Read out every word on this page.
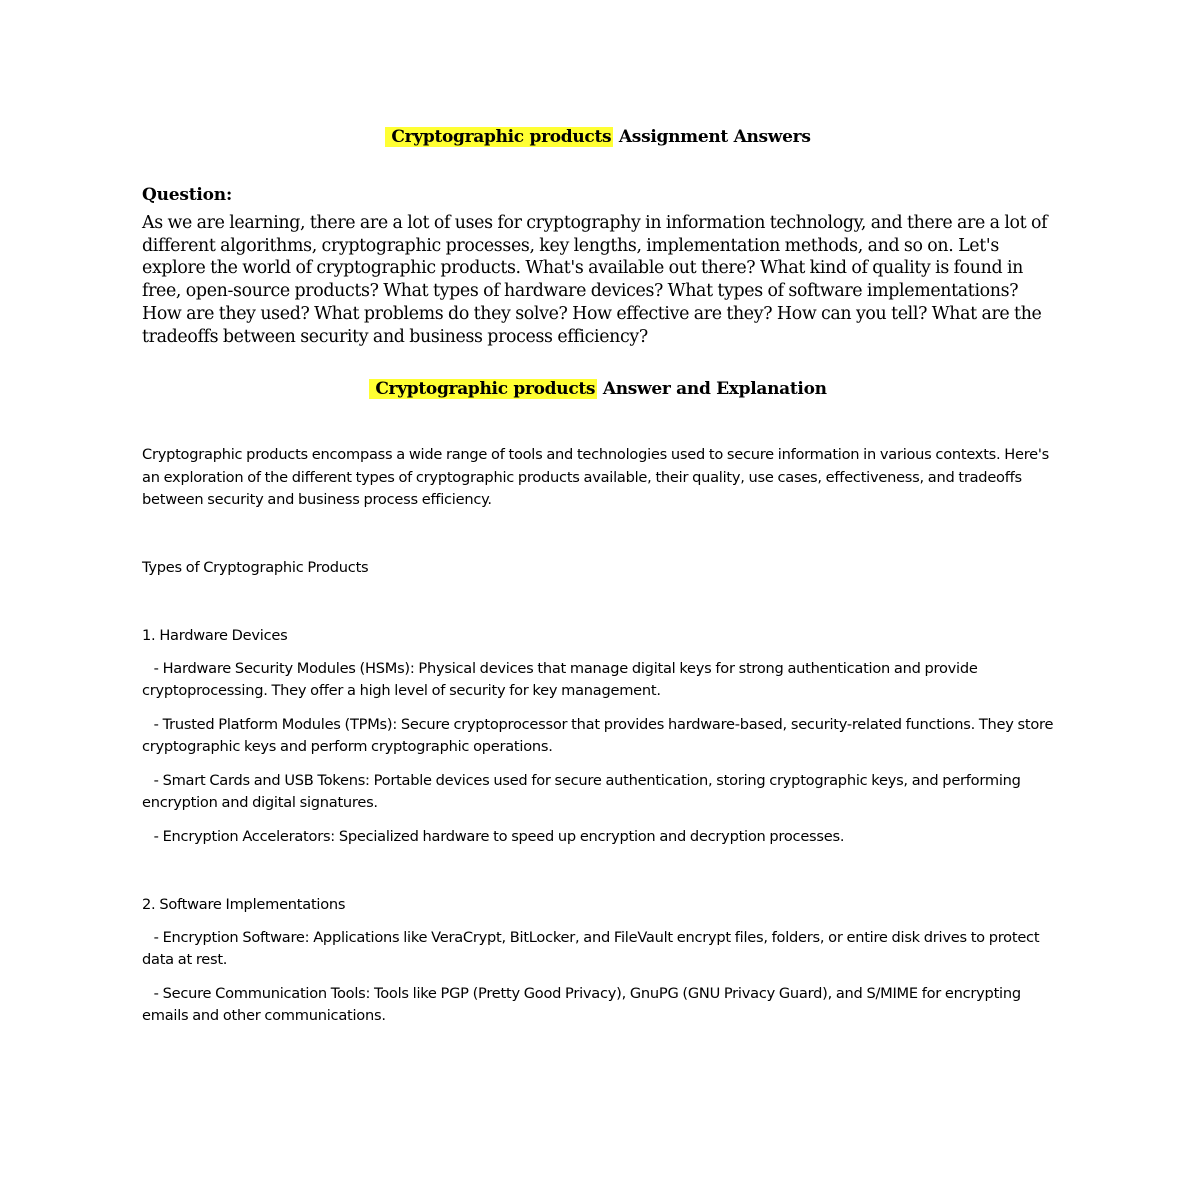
Cryptographic products Assignment Answers

Question:

As we are learning, there are a lot of uses for cryptography in information technology, and there are a lot of different algorithms, cryptographic processes, key lengths, implementation methods, and so on. Let's explore the world of cryptographic products. What's available out there? What kind of quality is found in free, open-source products? What types of hardware devices? What types of software implementations? How are they used? What problems do they solve? How effective are they? How can you tell? What are the tradeoffs between security and business process efficiency?

Cryptographic products Answer and Explanation

Cryptographic products encompass a wide range of tools and technologies used to secure information in various contexts. Here's an exploration of the different types of cryptographic products available, their quality, use cases, effectiveness, and tradeoffs between security and business process efficiency.

Types of Cryptographic Products

1. Hardware Devices

- Hardware Security Modules (HSMs): Physical devices that manage digital keys for strong authentication and provide cryptoprocessing. They offer a high level of security for key management.

- Trusted Platform Modules (TPMs): Secure cryptoprocessor that provides hardware-based, security-related functions. They store cryptographic keys and perform cryptographic operations.

- Smart Cards and USB Tokens: Portable devices used for secure authentication, storing cryptographic keys, and performing encryption and digital signatures.

- Encryption Accelerators: Specialized hardware to speed up encryption and decryption processes.

2. Software Implementations

- Encryption Software: Applications like VeraCrypt, BitLocker, and FileVault encrypt files, folders, or entire disk drives to protect data at rest.

- Secure Communication Tools: Tools like PGP (Pretty Good Privacy), GnuPG (GNU Privacy Guard), and S/MIME for encrypting emails and other communications.
